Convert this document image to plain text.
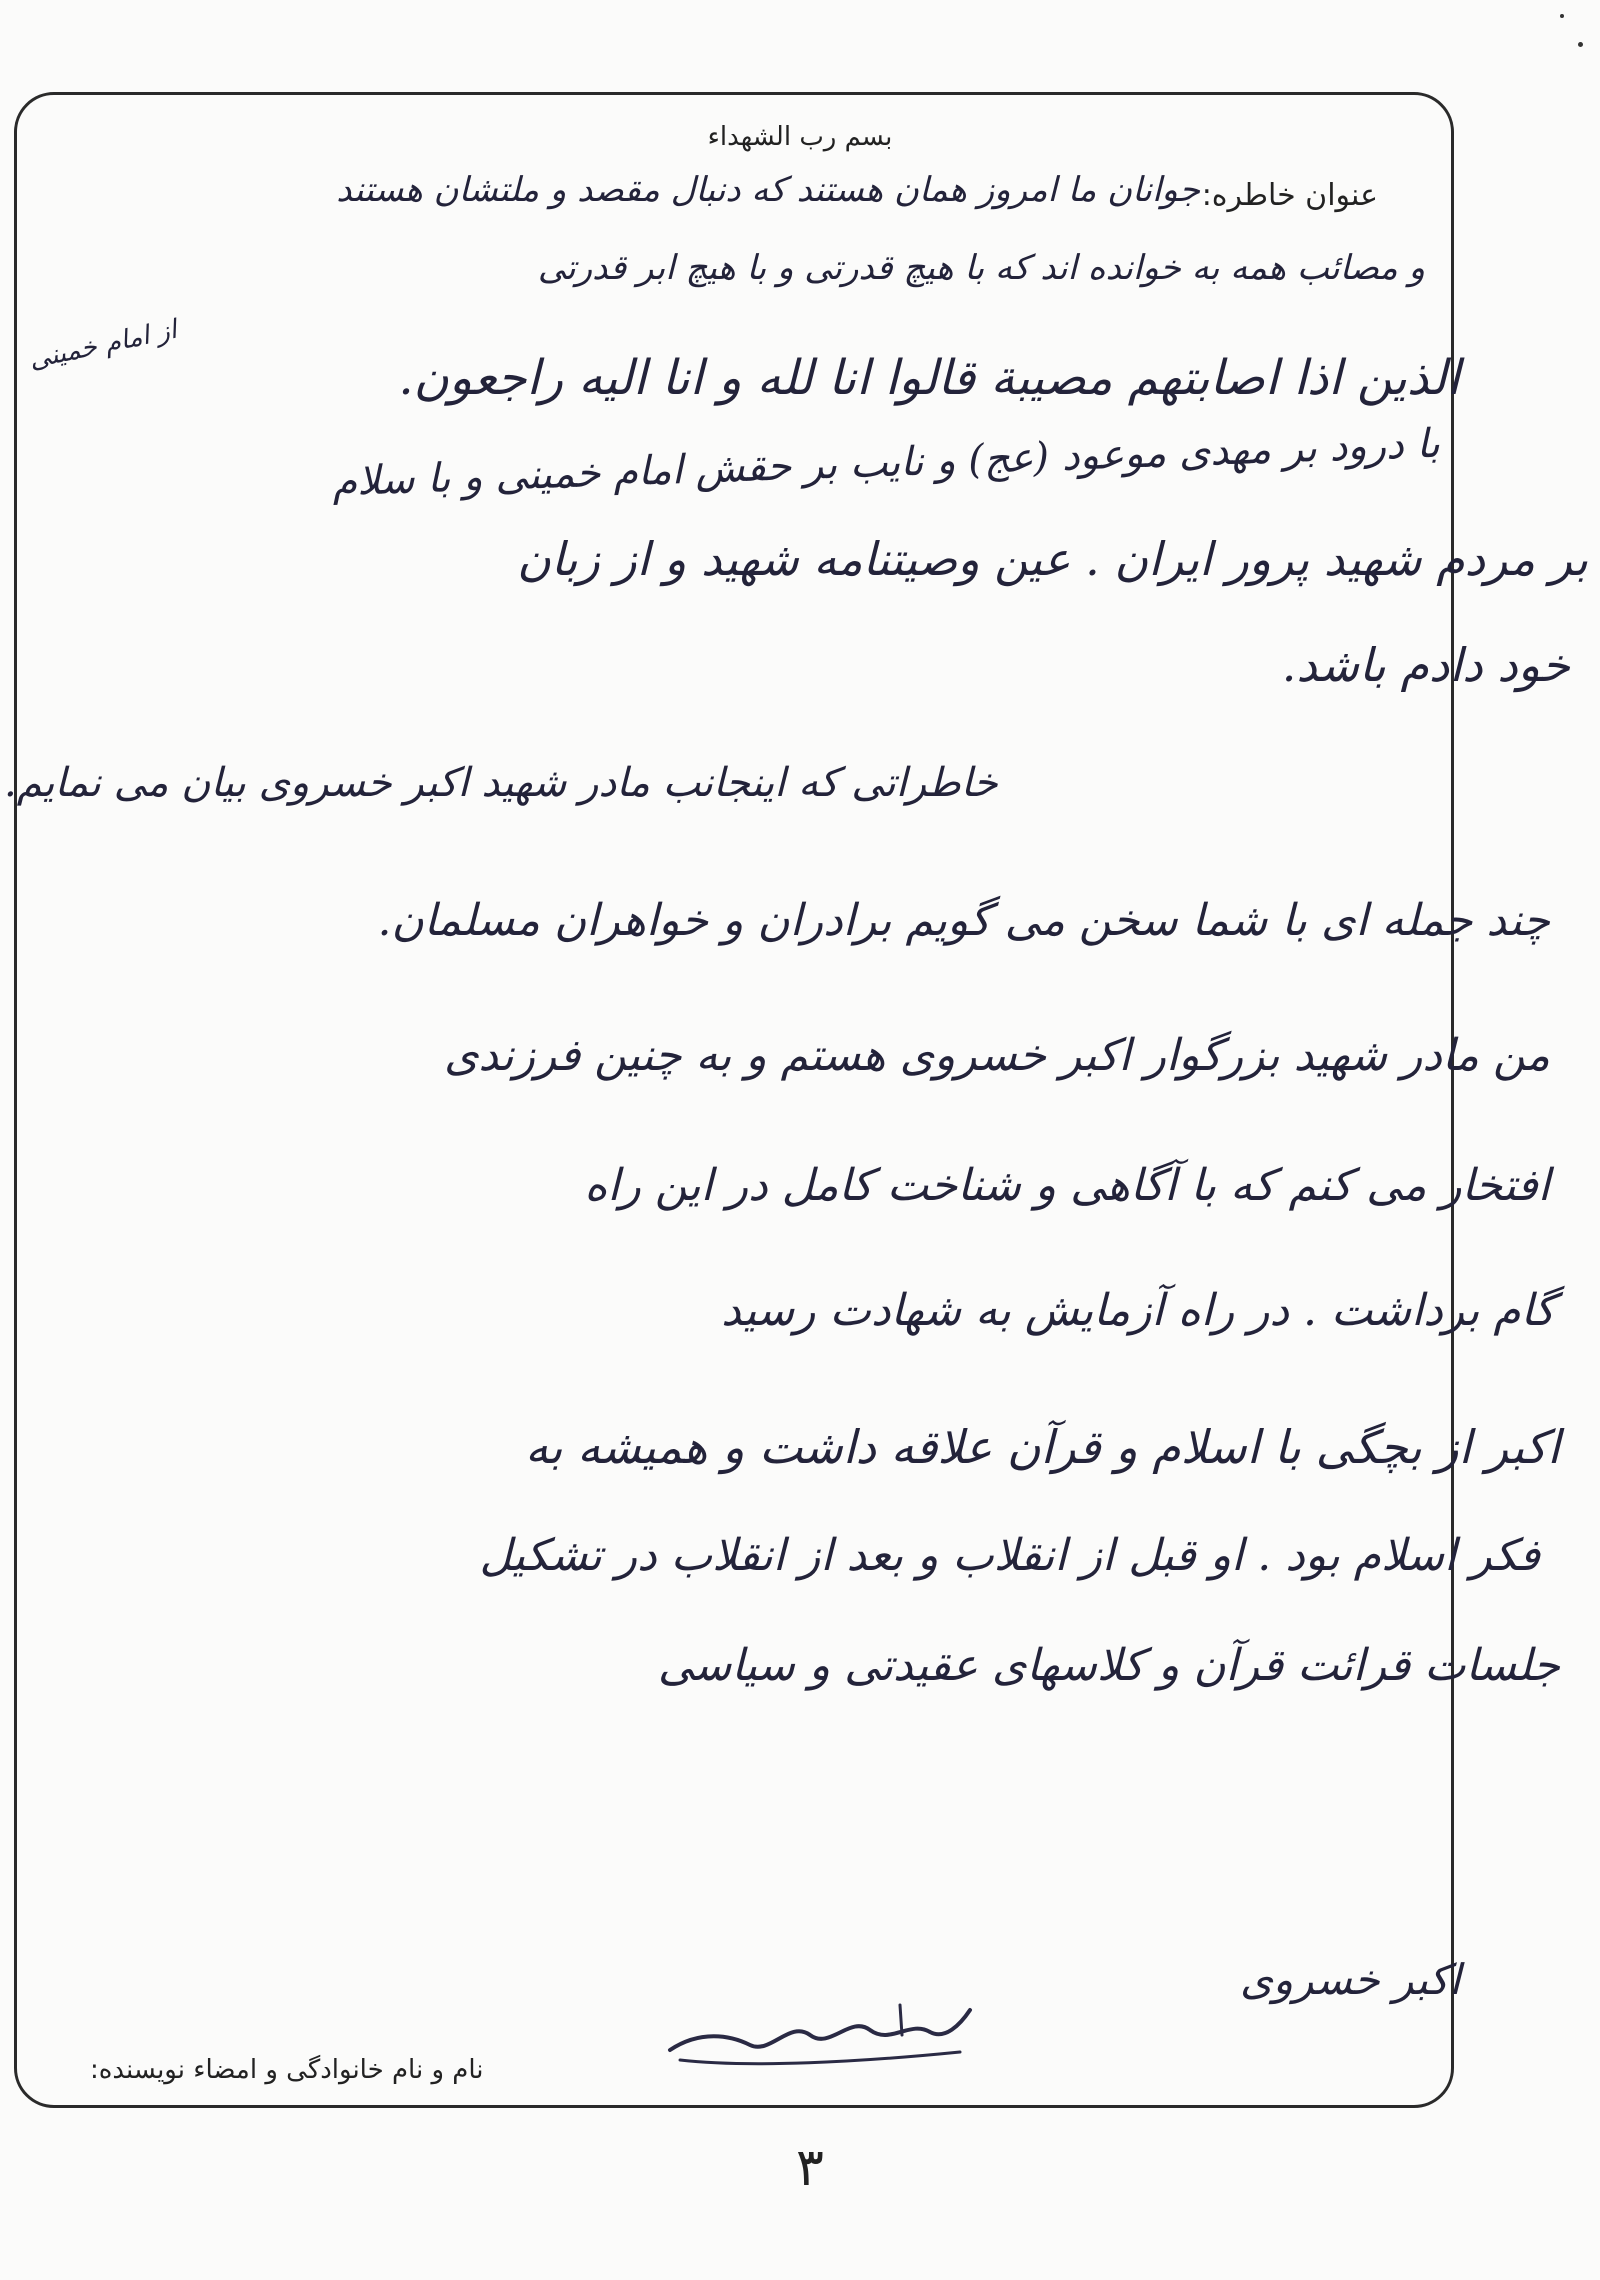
بسم رب الشهداء
عنوان خاطره:
جوانان ما امروز همان هستند که دنبال مقصد و ملتشان هستند
و مصائب همه به خوانده اند که با هیچ قدرتی و با هیچ ابر قدرتی
از امام خمینی
الذین اذا اصابتهم مصیبة قالوا انا لله و انا الیه راجعون.
با درود بر مهدی موعود (عج) و نایب بر حقش امام خمینی و با سلام
بر مردم شهید پرور ایران . عین وصیتنامه شهید و از زبان
خود دادم باشد.
خاطراتی که اینجانب مادر شهید اکبر خسروی بیان می نمایم.
چند جمله ای با شما سخن می گویم برادران و خواهران مسلمان.
من مادر شهید بزرگوار اکبر خسروی هستم و به چنین فرزندی
افتخار می کنم که با آگاهی و شناخت کامل در این راه
گام برداشت . در راه آزمایش به شهادت رسید
اکبر از بچگی با اسلام و قرآن علاقه داشت و همیشه به
فکر اسلام بود . او قبل از انقلاب و بعد از انقلاب در تشکیل
جلسات قرائت قرآن و کلاسهای عقیدتی و سیاسی
اکبر خسروی
نام و نام خانوادگی و امضاء نویسنده:
۳
